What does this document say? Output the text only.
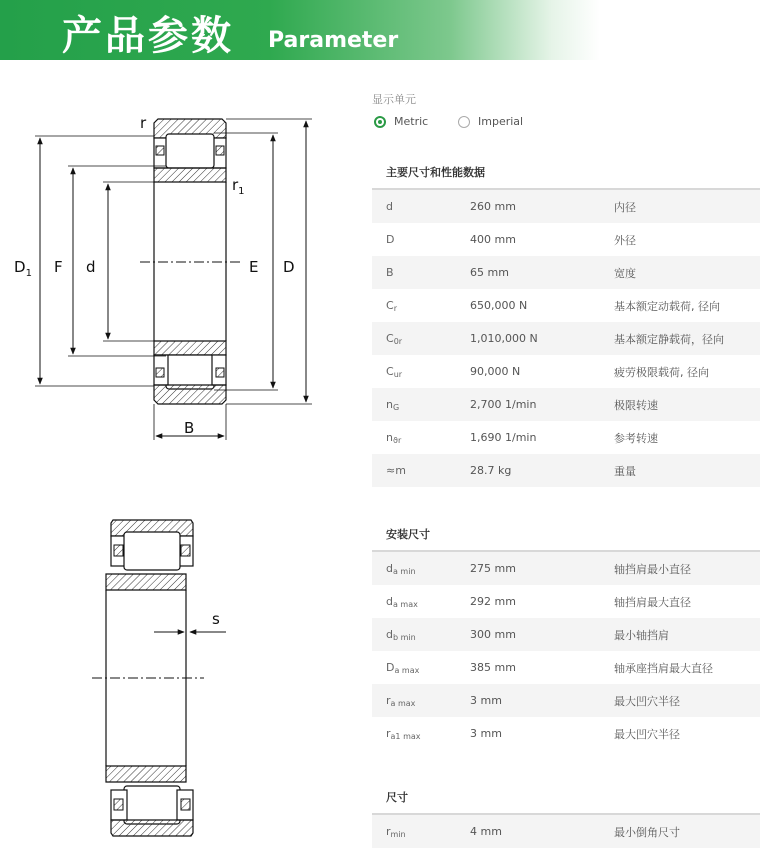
产品参数 Parameter
r
$r_1$
$D_1$ F d	E D
B
s
显示单元
Metric	Imperial
主要尺寸和性能数据
d	260 mm	内径
D	400 mm	外径
B	65 mm	宽度
$C_r$	650,000 N	基本额定动载荷, 径向
$C_{0r}$	1,010,000 N	基本额定静载荷，径向
$C_{ur}$	90,000 N	疲劳极限载荷, 径向
$n_G$	2,700 1/min	极限转速
$n_{ϑr}$	1,690 1/min	参考转速
≈m	28.7 kg	重量
安装尺寸
$d_{a min}$	275 mm	轴挡肩最小直径
$d_{a max}$	292 mm	轴挡肩最大直径
$d_{b min}$	300 mm	最小轴挡肩
$D_{a max}$	385 mm	轴承座挡肩最大直径
$r_{a max}$	3 mm	最大凹穴半径
$r_{a1 max}$	3 mm	最大凹穴半径
尺寸
$r_{min}$	4 mm	最小倒角尺寸
